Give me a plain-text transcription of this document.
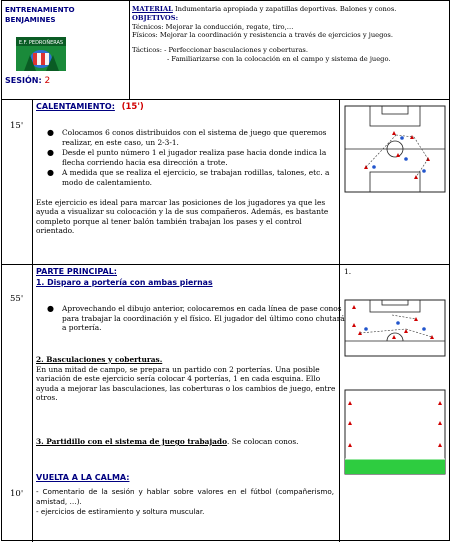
ENTRENAMIENTO
BENJAMINES
E.F. PEDROÑERAS
SESIÓN: 2
MATERIAL Indumentaria apropiada y zapatillas deportivas. Balones y conos.
OBJETIVOS:
Técnicos: Mejorar la conducción, regate, tiro,…
Físicos: Mejorar la coordinación y resistencia a través de ejercicios y juegos.
Tácticos: - Perfeccionar basculaciones y coberturas.
- Familiarizarse con la colocación en el campo y sistema de juego.
15'
CALENTAMIENTO: (15')
● Colocamos 6 conos distribuidos con el sistema de juego que queremos realizar, en este caso, un 2-3-1.
● Desde el punto número 1 el jugador realiza pase hacia donde indica la flecha corriendo hacia esa dirección a trote.
● A medida que se realiza el ejercicio, se trabajan rodillas, talones, etc. a modo de calentamiento.
Este ejercicio es ideal para marcar las posiciones de los jugadores ya que les ayuda a visualizar su colocación y la de sus compañeros. Además, es bastante completo porque al tener balón también trabajan los pases y el control orientado.
55'
PARTE PRINCIPAL:
1. Disparo a portería con ambas piernas
● Aprovechando el dibujo anterior, colocaremos en cada línea de pase conos para trabajar la coordinación y el físico. El jugador del último cono chutará a portería.
2. Basculaciones y coberturas.
En una mitad de campo, se prepara un partido con 2 porterías. Una posible variación de este ejercicio sería colocar 4 porterías, 1 en cada esquina. Ello ayuda a mejorar las basculaciones, las coberturas o los cambios de juego, entre otros.
3. Partidillo con el sistema de juego trabajado. Se colocan conos.
1.
10'
VUELTA A LA CALMA:
- Comentario de la sesión y hablar sobre valores en el fútbol (compañerismo, amistad, …).
- ejercicios de estiramiento y soltura muscular.
